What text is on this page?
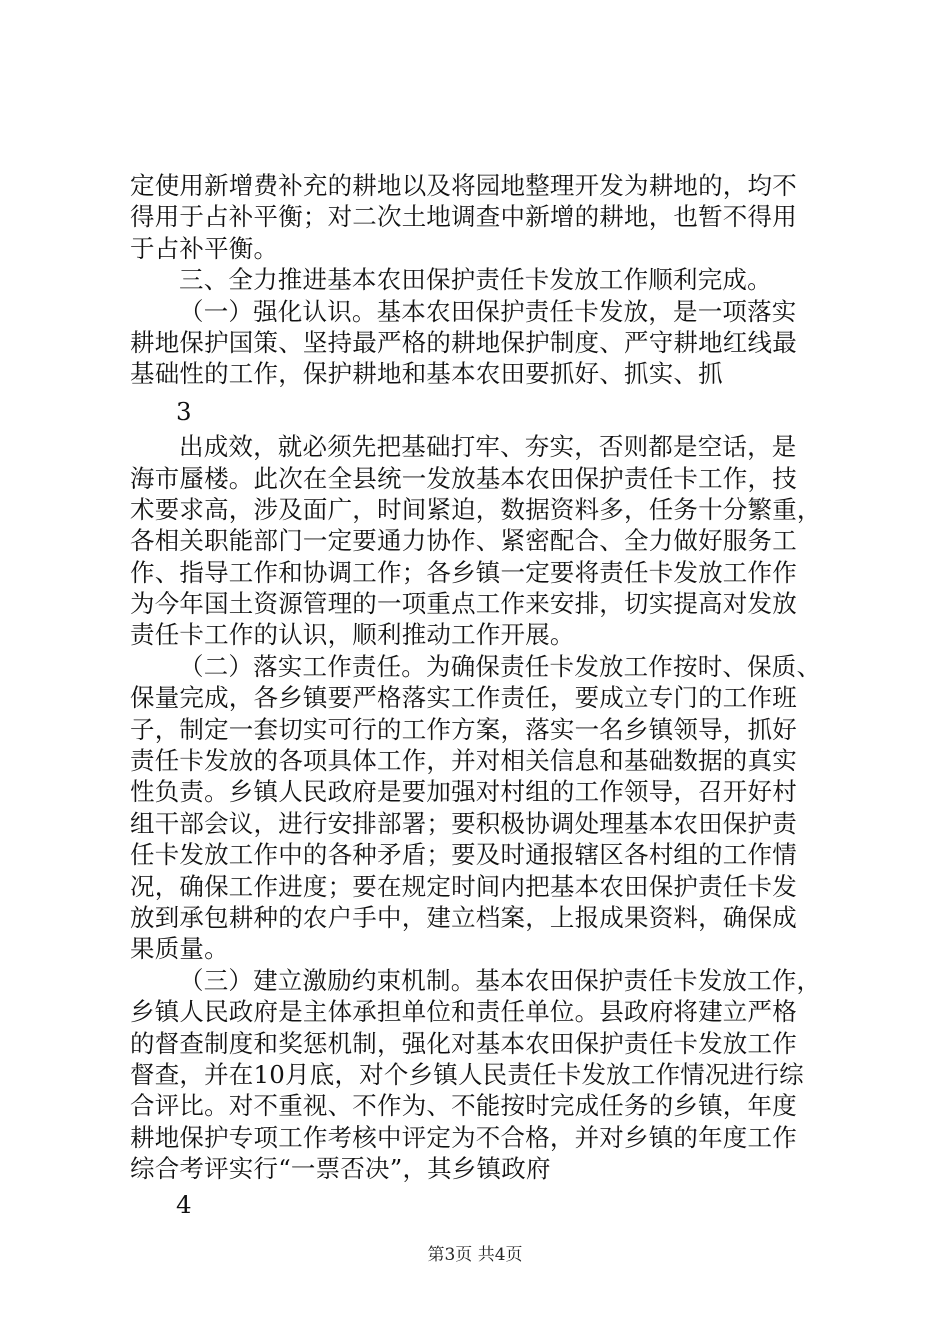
定使用新增费补充的耕地以及将园地整理开发为耕地的，均不
得用于占补平衡；对二次土地调查中新增的耕地，也暂不得用
于占补平衡。
三、全力推进基本农田保护责任卡发放工作顺利完成。
（一）强化认识。基本农田保护责任卡发放，是一项落实
耕地保护国策、坚持最严格的耕地保护制度、严守耕地红线最
基础性的工作，保护耕地和基本农田要抓好、抓实、抓
3
出成效，就必须先把基础打牢、夯实，否则都是空话，是
海市蜃楼。此次在全县统一发放基本农田保护责任卡工作，技
术要求高，涉及面广，时间紧迫，数据资料多，任务十分繁重，
各相关职能部门一定要通力协作、紧密配合、全力做好服务工
作、指导工作和协调工作；各乡镇一定要将责任卡发放工作作
为今年国土资源管理的一项重点工作来安排，切实提高对发放
责任卡工作的认识，顺利推动工作开展。
（二）落实工作责任。为确保责任卡发放工作按时、保质、
保量完成，各乡镇要严格落实工作责任，要成立专门的工作班
子，制定一套切实可行的工作方案，落实一名乡镇领导，抓好
责任卡发放的各项具体工作，并对相关信息和基础数据的真实
性负责。乡镇人民政府是要加强对村组的工作领导，召开好村
组干部会议，进行安排部署；要积极协调处理基本农田保护责
任卡发放工作中的各种矛盾；要及时通报辖区各村组的工作情
况，确保工作进度；要在规定时间内把基本农田保护责任卡发
放到承包耕种的农户手中，建立档案，上报成果资料，确保成
果质量。
（三）建立激励约束机制。基本农田保护责任卡发放工作，
乡镇人民政府是主体承担单位和责任单位。县政府将建立严格
的督查制度和奖惩机制，强化对基本农田保护责任卡发放工作
督查，并在10月底，对个乡镇人民责任卡发放工作情况进行综
合评比。对不重视、不作为、不能按时完成任务的乡镇，年度
耕地保护专项工作考核中评定为不合格，并对乡镇的年度工作
综合考评实行“一票否决”，其乡镇政府
4
第3页 共4页
